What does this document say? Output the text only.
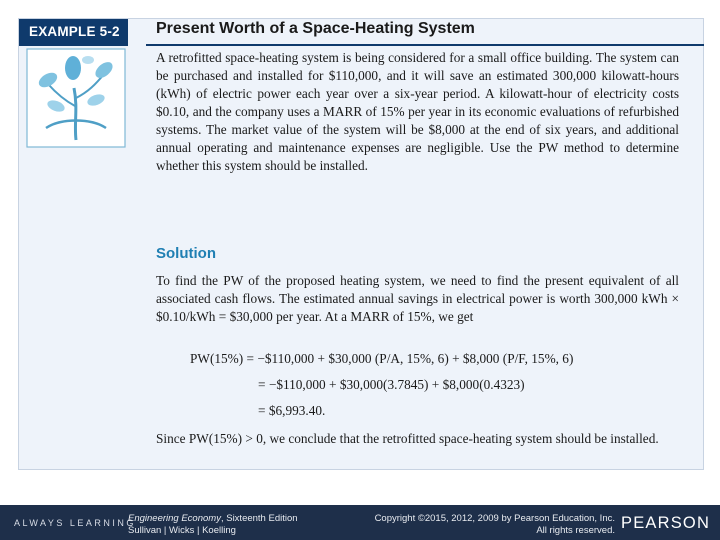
EXAMPLE 5-2 Present Worth of a Space-Heating System
A retrofitted space-heating system is being considered for a small office building. The system can be purchased and installed for $110,000, and it will save an estimated 300,000 kilowatt-hours (kWh) of electric power each year over a six-year period. A kilowatt-hour of electricity costs $0.10, and the company uses a MARR of 15% per year in its economic evaluations of refurbished systems. The market value of the system will be $8,000 at the end of six years, and additional annual operating and maintenance expenses are negligible. Use the PW method to determine whether this system should be installed.
Solution
To find the PW of the proposed heating system, we need to find the present equivalent of all associated cash flows. The estimated annual savings in electrical power is worth 300,000 kWh × $0.10/kWh = $30,000 per year. At a MARR of 15%, we get
PW(15%) = −$110,000 + $30,000 (P/A, 15%, 6) + $8,000 (P/F, 15%, 6)
= −$110,000 + $30,000(3.7845) + $8,000(0.4323)
= $6,993.40.
Since PW(15%) > 0, we conclude that the retrofitted space-heating system should be installed.
ALWAYS LEARNING
Engineering Economy, Sixteenth Edition
Sullivan | Wicks | Koelling
Copyright ©2015, 2012, 2009 by Pearson Education, Inc.
All rights reserved. PEARSON
